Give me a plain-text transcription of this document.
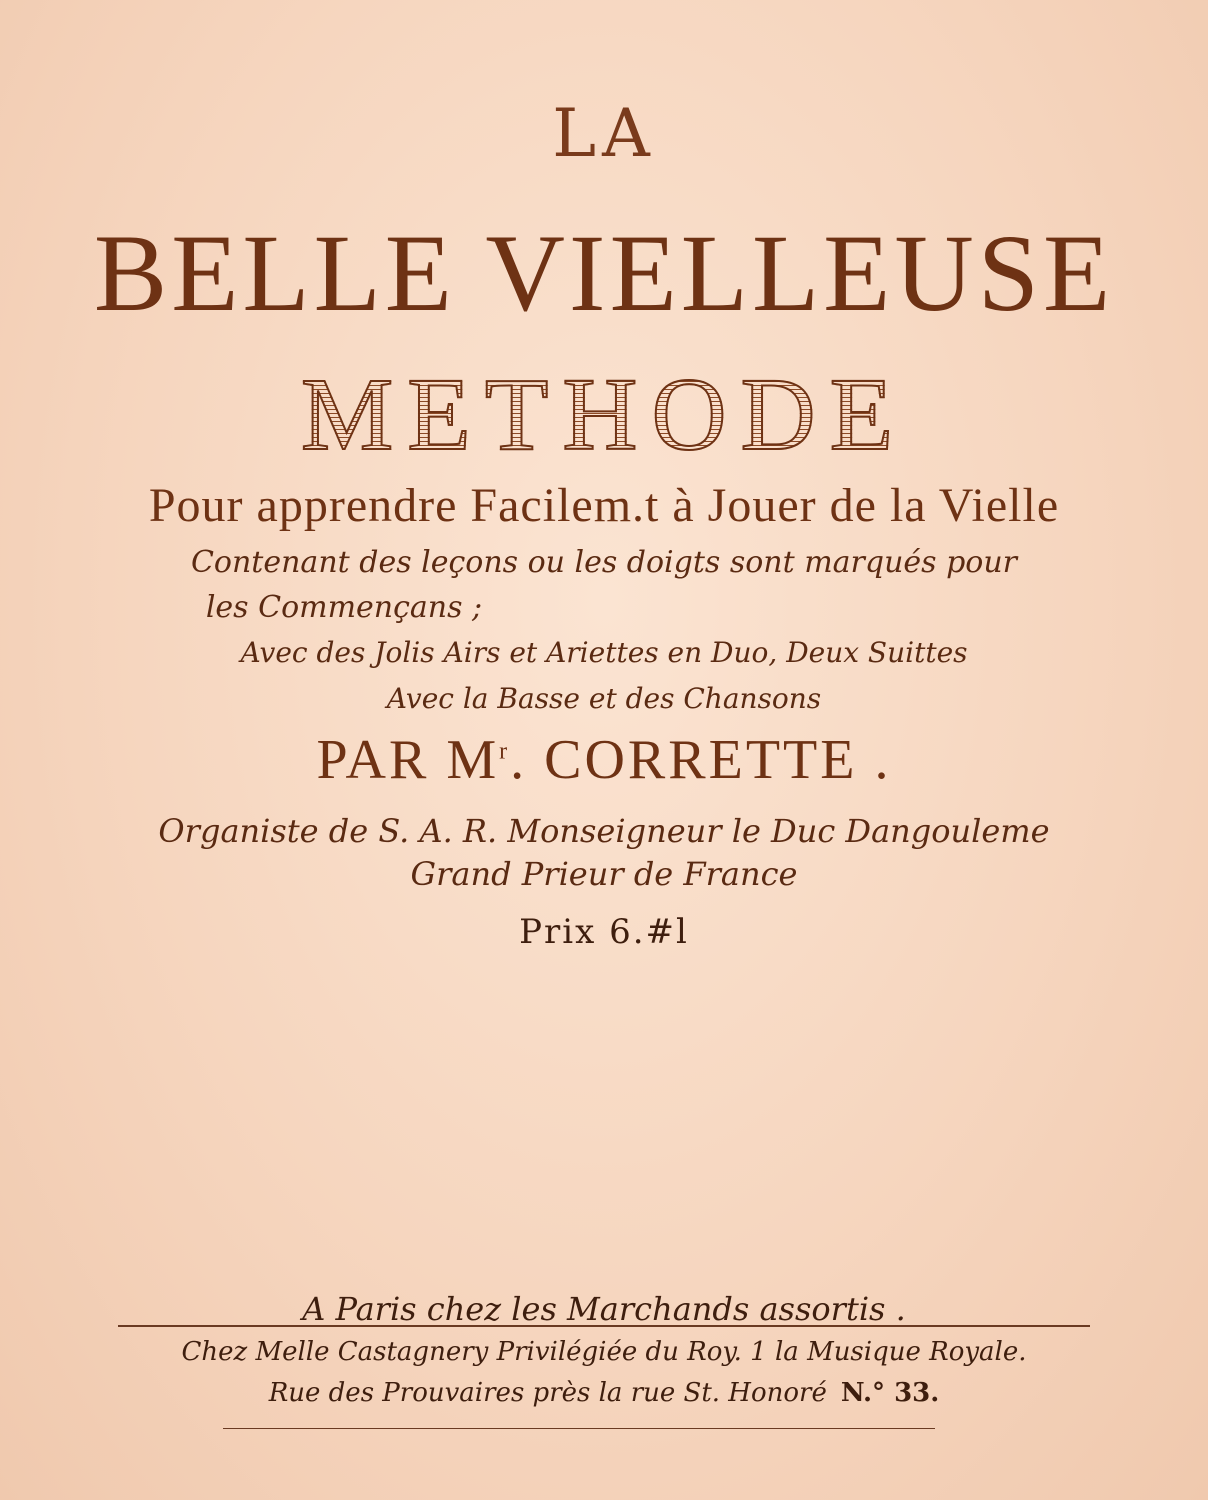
LA
BELLE VIELLEUSE
METHODE
Pour apprendre Facilem.t à Jouer de la Vielle
Contenant des leçons ou les doigts sont marqués pour
les Commençans ;
Avec des Jolis Airs et Ariettes en Duo, Deux Suittes
Avec la Basse et des Chansons
PAR $M^r$. CORRETTE .
Organiste de S. A. R. Monseigneur le Duc Dangouleme
Grand Prieur de France
Prix 6.#l
A Paris chez les Marchands assortis .
Chez Melle Castagnery Privilégiée du Roy. 1 la Musique Royale.
Rue des Prouvaires près la rue St. Honoré N.° 33.
